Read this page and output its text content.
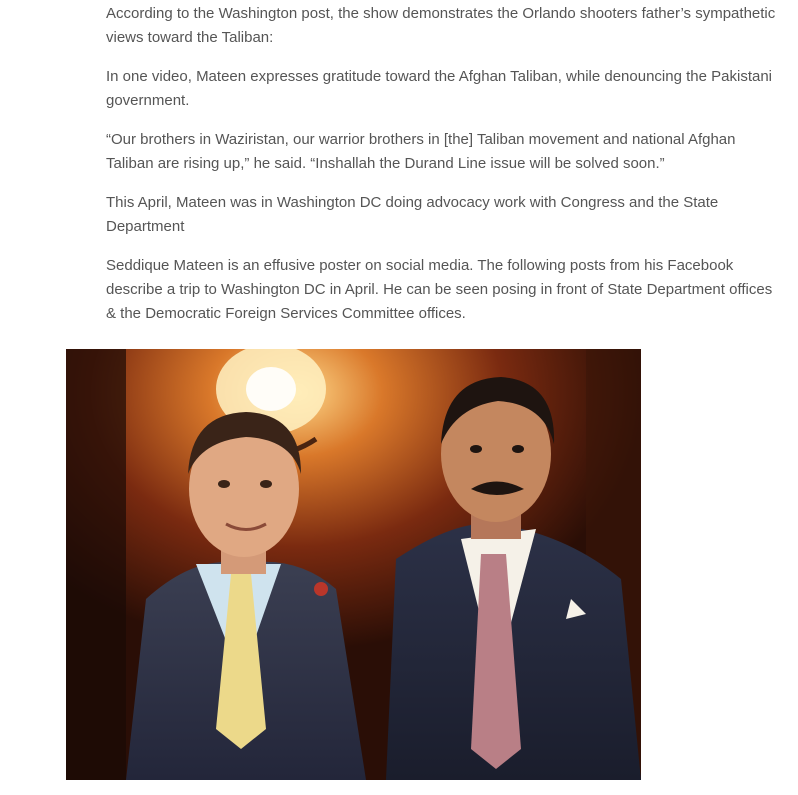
According to the Washington post, the show demonstrates the Orlando shooters father’s sympathetic views toward the Taliban:

In one video, Mateen expresses gratitude toward the Afghan Taliban, while denouncing the Pakistani government.

“Our brothers in Waziristan, our warrior brothers in [the] Taliban movement and national Afghan Taliban are rising up,” he said. “Inshallah the Durand Line issue will be solved soon.”

This April, Mateen was in Washington DC doing advocacy work with Congress and the State Department

Seddique Mateen is an effusive poster on social media. The following posts from his Facebook describe a trip to Washington DC in April. He can be seen posing in front of State Department offices & the Democratic Foreign Services Committee offices.
